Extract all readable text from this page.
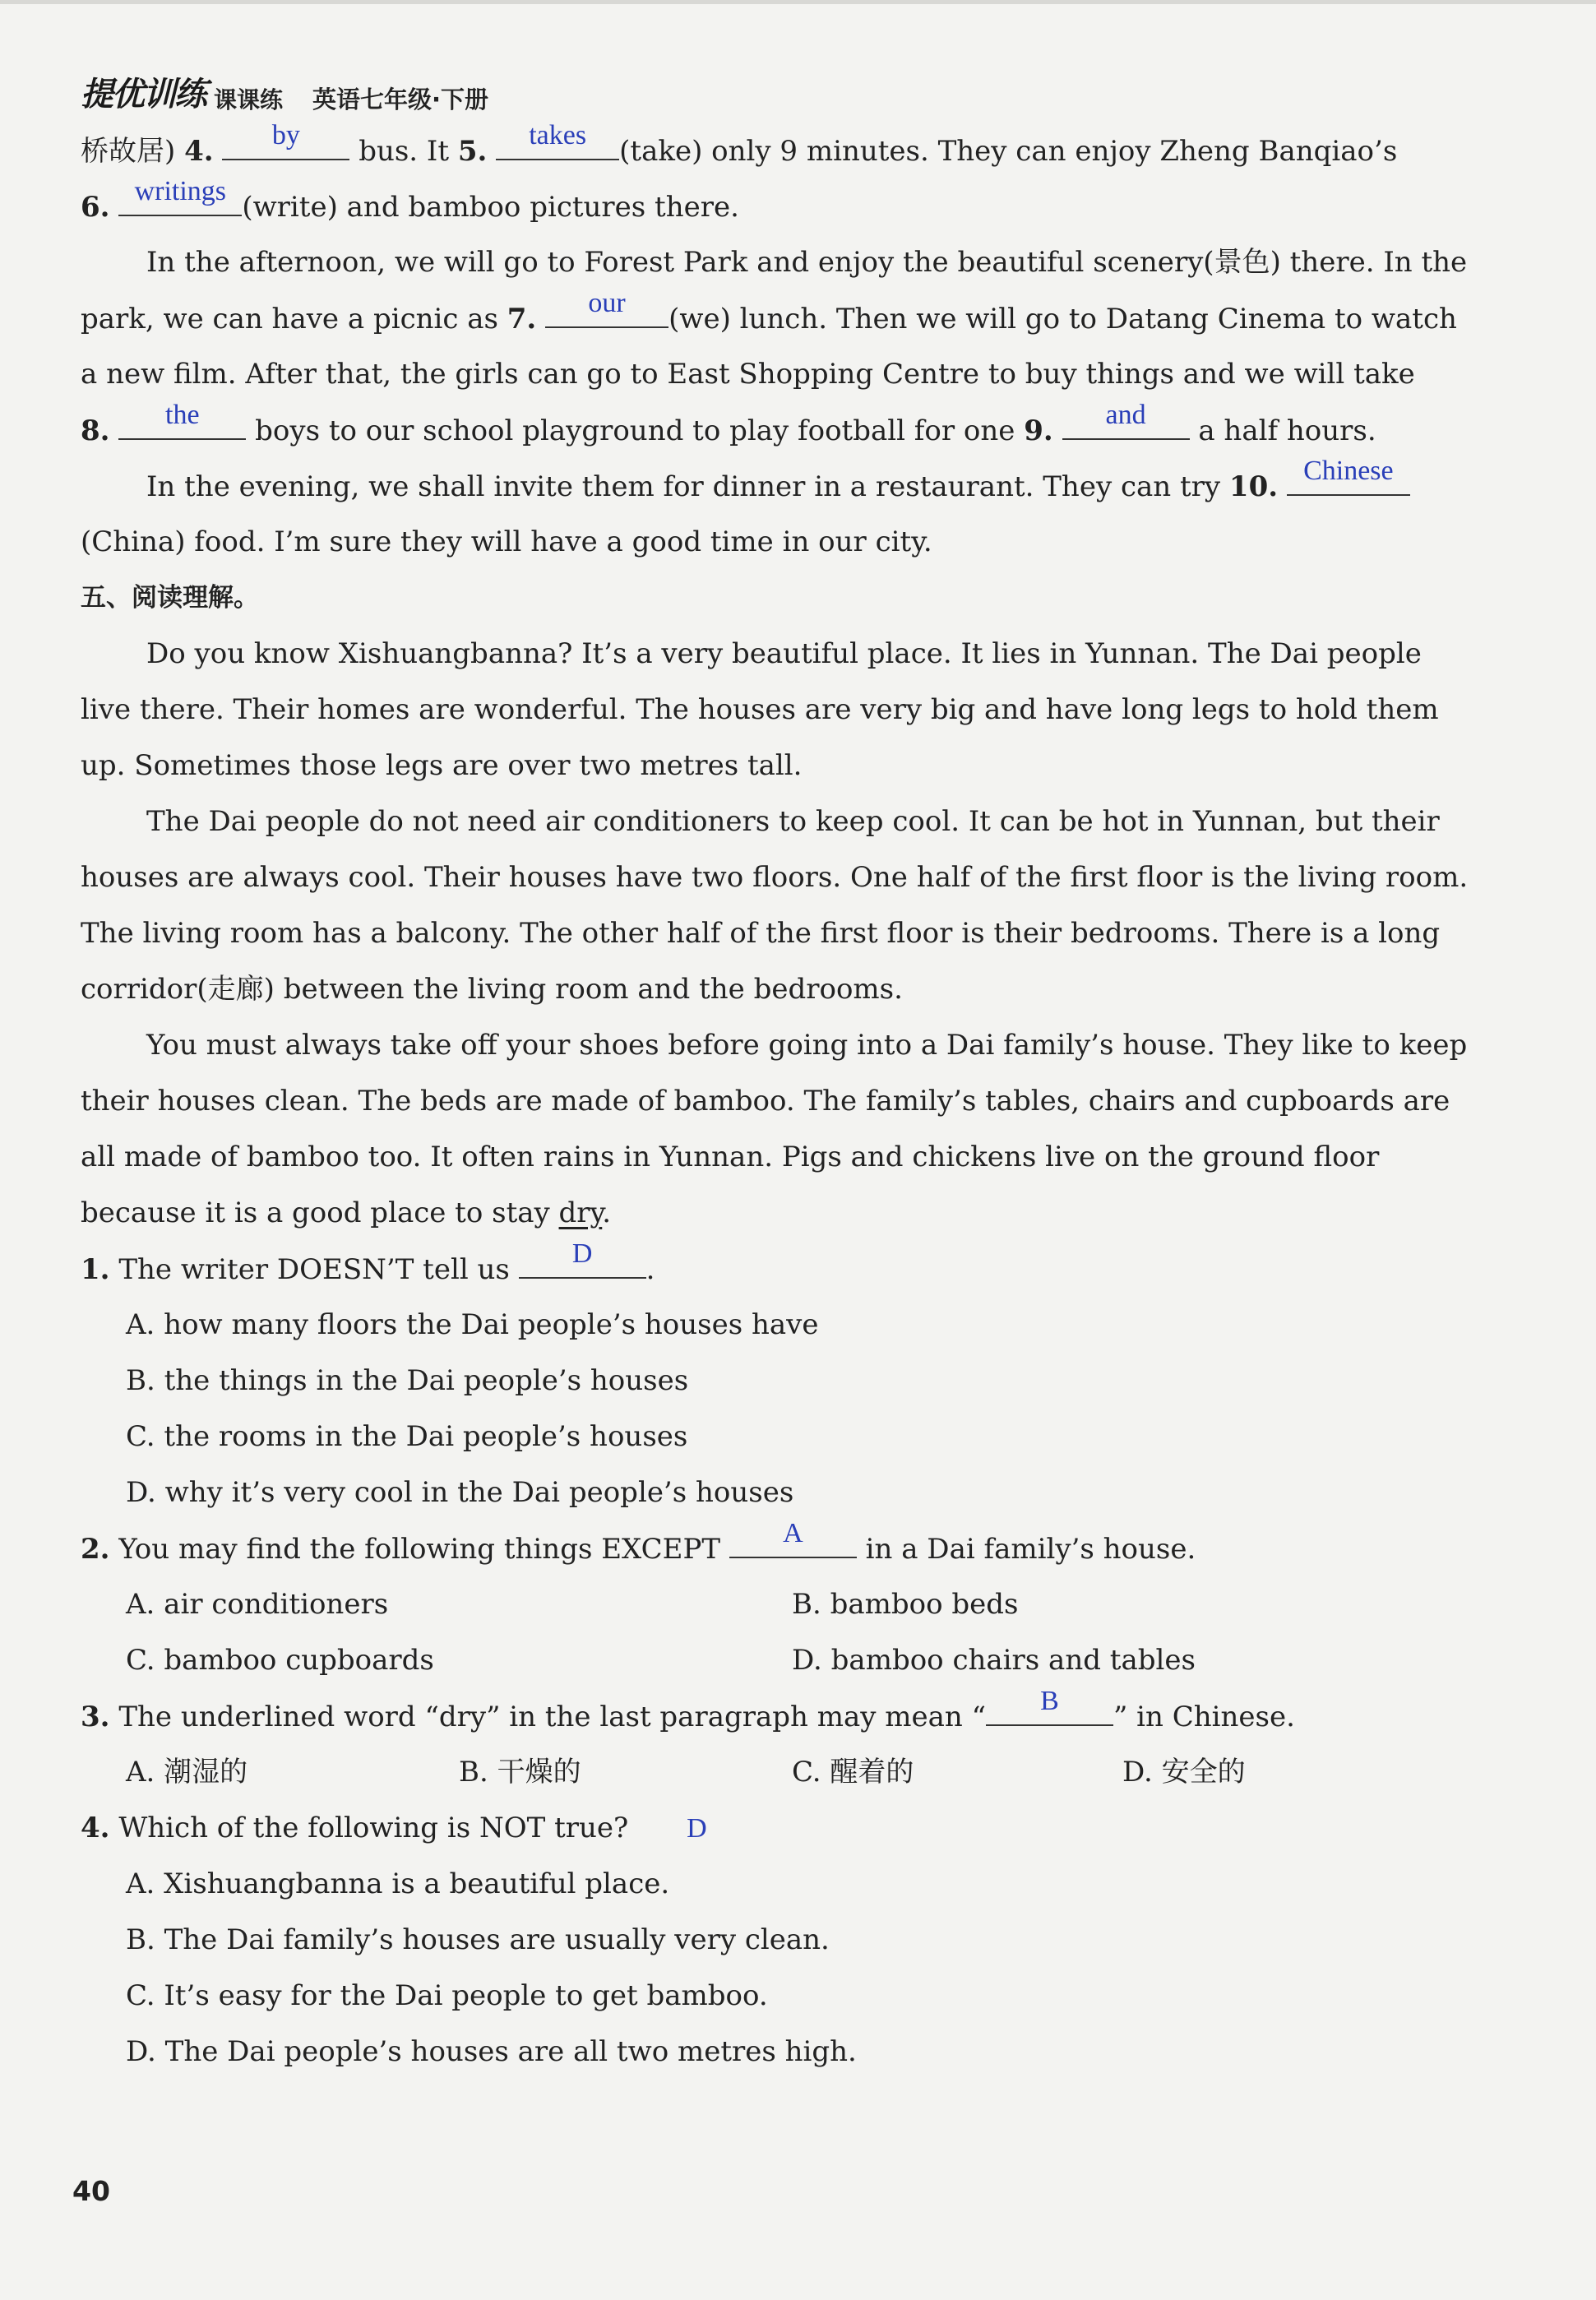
提优训练 课课练 英语七年级·下册
桥故居) 4.	by	bus. It 5.	takes	(take) only 9 minutes. They can enjoy Zheng Banqiao’s
6. writings (write) and bamboo pictures there.
In the afternoon, we will go to Forest Park and enjoy the beautiful scenery(景色) there. In the
park, we can have a picnic as 7.	our	(we) lunch. Then we will go to Datang Cinema to watch
a new film. After that, the girls can go to East Shopping Centre to buy things and we will take
8.	the	boys to our school playground to play football for one 9.	and	a half hours.
In the evening, we shall invite them for dinner in a restaurant. They can try 10. Chinese
(China) food. I’m sure they will have a good time in our city.
五、阅读理解。
Do you know Xishuangbanna? It’s a very beautiful place. It lies in Yunnan. The Dai people
live there. Their homes are wonderful. The houses are very big and have long legs to hold them
up. Sometimes those legs are over two metres tall.
The Dai people do not need air conditioners to keep cool. It can be hot in Yunnan, but their
houses are always cool. Their houses have two floors. One half of the first floor is the living room.
The living room has a balcony. The other half of the first floor is their bedrooms. There is a long
corridor(走廊) between the living room and the bedrooms.
You must always take off your shoes before going into a Dai family’s house. They like to keep
their houses clean. The beds are made of bamboo. The family’s tables, chairs and cupboards are
all made of bamboo too. It often rains in Yunnan. Pigs and chickens live on the ground floor
because it is a good place to stay dry.
1. The writer DOESN’T tell us	D	.
A. how many floors the Dai people’s houses have
B. the things in the Dai people’s houses
C. the rooms in the Dai people’s houses
D. why it’s very cool in the Dai people’s houses
2. You may find the following things EXCEPT	A	in a Dai family’s house.
A. air conditioners	B. bamboo beds
C. bamboo cupboards	D. bamboo chairs and tables
3. The underlined word “dry” in the last paragraph may mean “	B	” in Chinese.
A. 潮湿的	B. 干燥的	C. 醒着的	D. 安全的
4. Which of the following is NOT true? D
A. Xishuangbanna is a beautiful place.
B. The Dai family’s houses are usually very clean.
C. It’s easy for the Dai people to get bamboo.
D. The Dai people’s houses are all two metres high.
40
